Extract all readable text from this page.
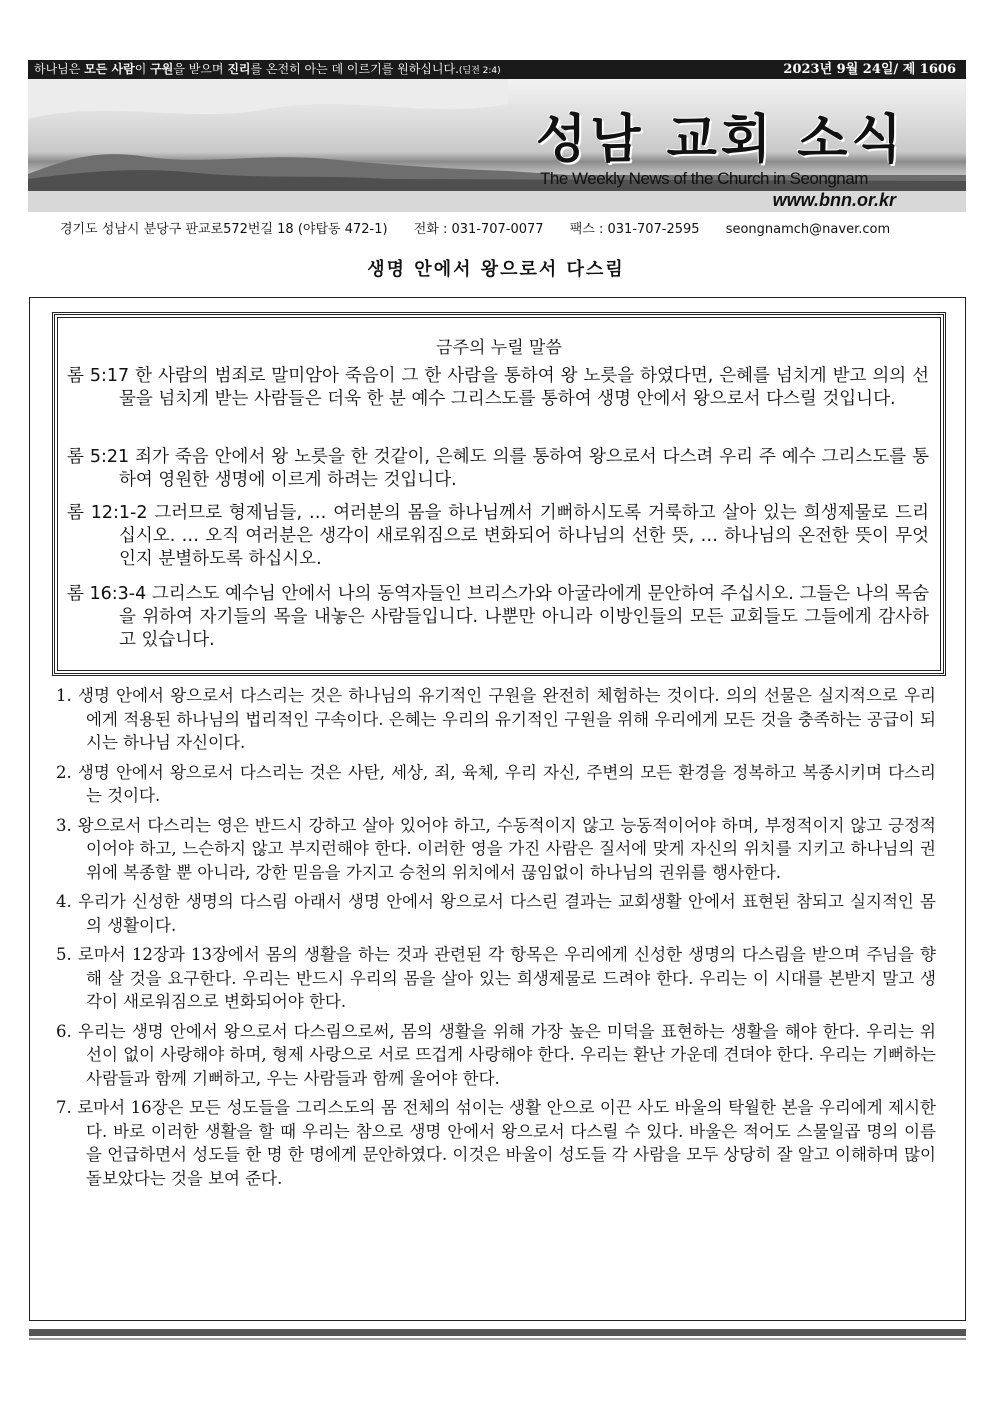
하나님은 모든 사람이 구원을 받으며 진리를 온전히 아는 데 이르기를 원하십니다.(딤전 2:4)	2023년 9월 24일/ 제 1606
성남 교회 소식
The Weekly News of the Church in Seongnam
www.bnn.or.kr
경기도 성남시 분당구 판교로572번길 18 (야탑동 472-1) 전화 : 031-707-0077 팩스 : 031-707-2595 seongnamch@naver.com
생명 안에서 왕으로서 다스림
금주의 누릴 말씀
롬 5:17 한 사람의 범죄로 말미암아 죽음이 그 한 사람을 통하여 왕 노릇을 하였다면, 은혜를 넘치게 받고 의의 선물을 넘치게 받는 사람들은 더욱 한 분 예수 그리스도를 통하여 생명 안에서 왕으로서 다스릴 것입니다.
롬 5:21 죄가 죽음 안에서 왕 노릇을 한 것같이, 은혜도 의를 통하여 왕으로서 다스려 우리 주 예수 그리스도를 통하여 영원한 생명에 이르게 하려는 것입니다.
롬 12:1-2 그러므로 형제님들, … 여러분의 몸을 하나님께서 기뻐하시도록 거룩하고 살아 있는 희생제물로 드리십시오. … 오직 여러분은 생각이 새로워짐으로 변화되어 하나님의 선한 뜻, … 하나님의 온전한 뜻이 무엇인지 분별하도록 하십시오.
롬 16:3-4 그리스도 예수님 안에서 나의 동역자들인 브리스가와 아굴라에게 문안하여 주십시오. 그들은 나의 목숨을 위하여 자기들의 목을 내놓은 사람들입니다. 나뿐만 아니라 이방인들의 모든 교회들도 그들에게 감사하고 있습니다.
1. 생명 안에서 왕으로서 다스리는 것은 하나님의 유기적인 구원을 완전히 체험하는 것이다. 의의 선물은 실지적으로 우리에게 적용된 하나님의 법리적인 구속이다. 은혜는 우리의 유기적인 구원을 위해 우리에게 모든 것을 충족하는 공급이 되시는 하나님 자신이다.
2. 생명 안에서 왕으로서 다스리는 것은 사탄, 세상, 죄, 육체, 우리 자신, 주변의 모든 환경을 정복하고 복종시키며 다스리는 것이다.
3. 왕으로서 다스리는 영은 반드시 강하고 살아 있어야 하고, 수동적이지 않고 능동적이어야 하며, 부정적이지 않고 긍정적이어야 하고, 느슨하지 않고 부지런해야 한다. 이러한 영을 가진 사람은 질서에 맞게 자신의 위치를 지키고 하나님의 권위에 복종할 뿐 아니라, 강한 믿음을 가지고 승천의 위치에서 끊임없이 하나님의 권위를 행사한다.
4. 우리가 신성한 생명의 다스림 아래서 생명 안에서 왕으로서 다스린 결과는 교회생활 안에서 표현된 참되고 실지적인 몸의 생활이다.
5. 로마서 12장과 13장에서 몸의 생활을 하는 것과 관련된 각 항목은 우리에게 신성한 생명의 다스림을 받으며 주님을 향해 살 것을 요구한다. 우리는 반드시 우리의 몸을 살아 있는 희생제물로 드려야 한다. 우리는 이 시대를 본받지 말고 생각이 새로워짐으로 변화되어야 한다.
6. 우리는 생명 안에서 왕으로서 다스림으로써, 몸의 생활을 위해 가장 높은 미덕을 표현하는 생활을 해야 한다. 우리는 위선이 없이 사랑해야 하며, 형제 사랑으로 서로 뜨겁게 사랑해야 한다. 우리는 환난 가운데 견뎌야 한다. 우리는 기뻐하는 사람들과 함께 기뻐하고, 우는 사람들과 함께 울어야 한다.
7. 로마서 16장은 모든 성도들을 그리스도의 몸 전체의 섞이는 생활 안으로 이끈 사도 바울의 탁월한 본을 우리에게 제시한다. 바로 이러한 생활을 할 때 우리는 참으로 생명 안에서 왕으로서 다스릴 수 있다. 바울은 적어도 스물일곱 명의 이름을 언급하면서 성도들 한 명 한 명에게 문안하였다. 이것은 바울이 성도들 각 사람을 모두 상당히 잘 알고 이해하며 많이 돌보았다는 것을 보여 준다.
